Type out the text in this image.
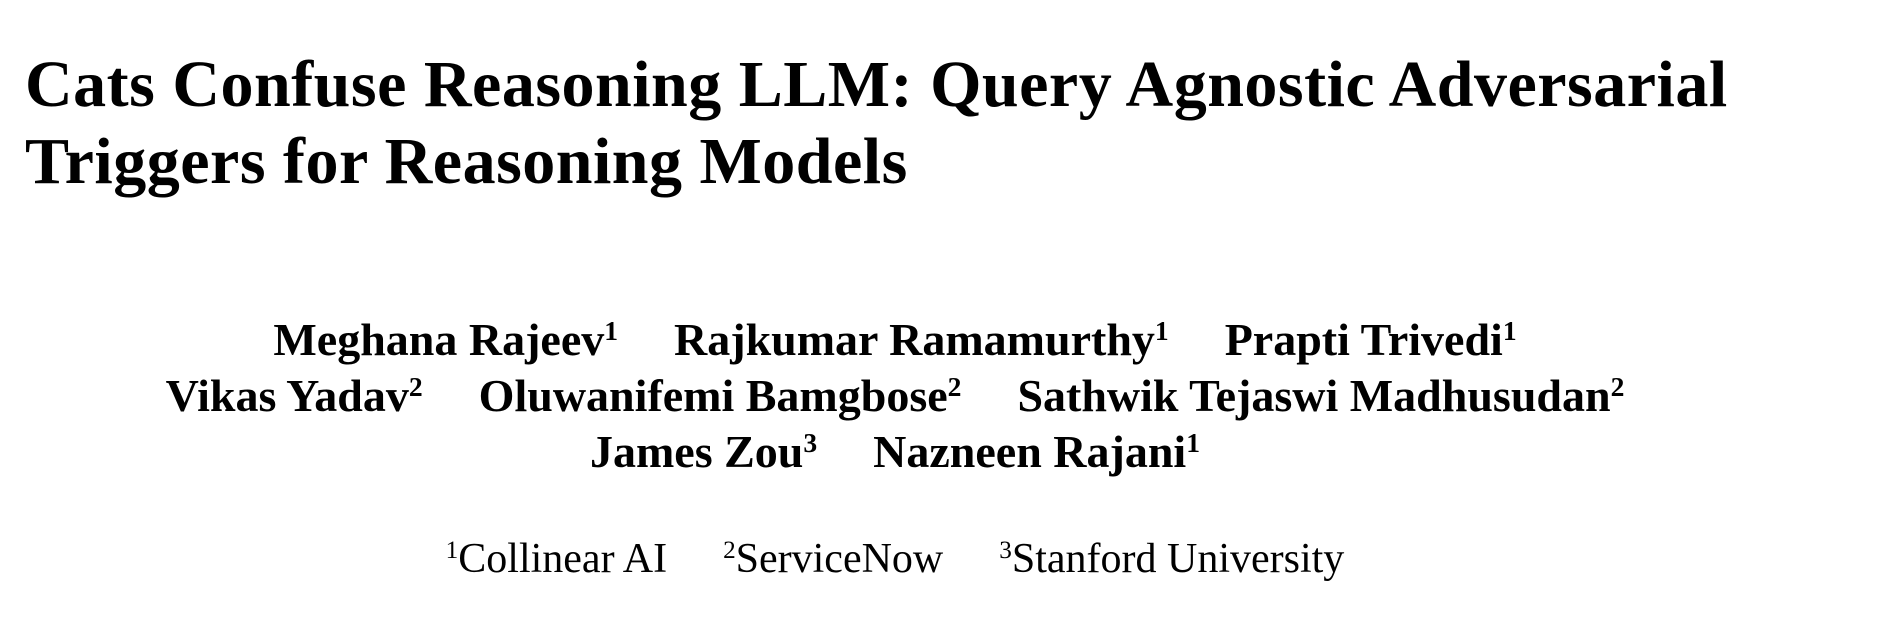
Cats Confuse Reasoning LLM: Query Agnostic Adversarial
Triggers for Reasoning Models
Meghana Rajeev$^1$ Rajkumar Ramamurthy$^1$ Prapti Trivedi$^1$
Vikas Yadav$^2$ Oluwanifemi Bamgbose$^2$ Sathwik Tejaswi Madhusudan$^2$
James Zou$^3$ Nazneen Rajani$^1$
$^1$Collinear AI $^2$ServiceNow $^3$Stanford University
